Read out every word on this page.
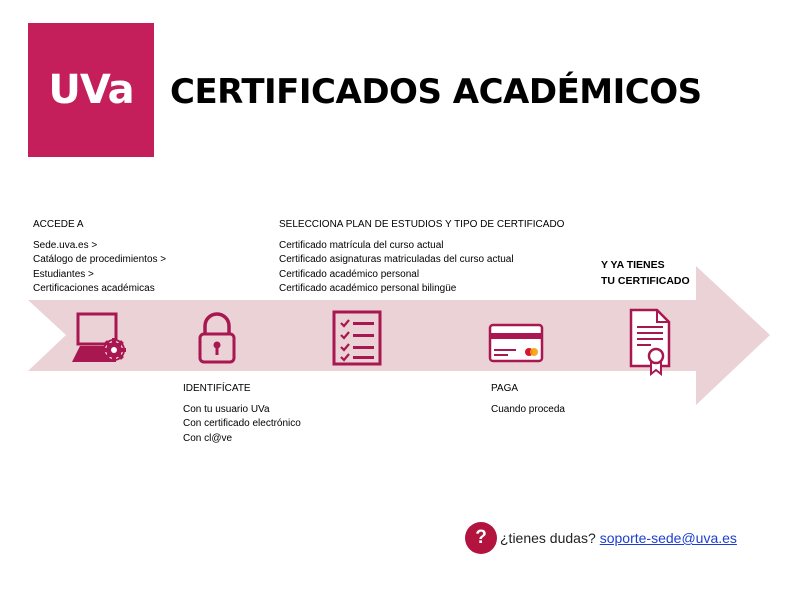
UVa CERTIFICADOS ACADÉMICOS
ACCEDE A
Sede.uva.es >
Catálogo de procedimientos >
Estudiantes >
Certificaciones académicas
SELECCIONA PLAN DE ESTUDIOS Y TIPO DE CERTIFICADO
Certificado matrícula del curso actual
Certificado asignaturas matriculadas del curso actual
Certificado académico personal
Certificado académico personal bilingüe
IDENTIFÍCATE
Con tu usuario UVa
Con certificado electrónico
Con cl@ve
PAGA
Cuando proceda
Y YA TIENES
TU CERTIFICADO
? ¿tienes dudas? soporte-sede@uva.es
